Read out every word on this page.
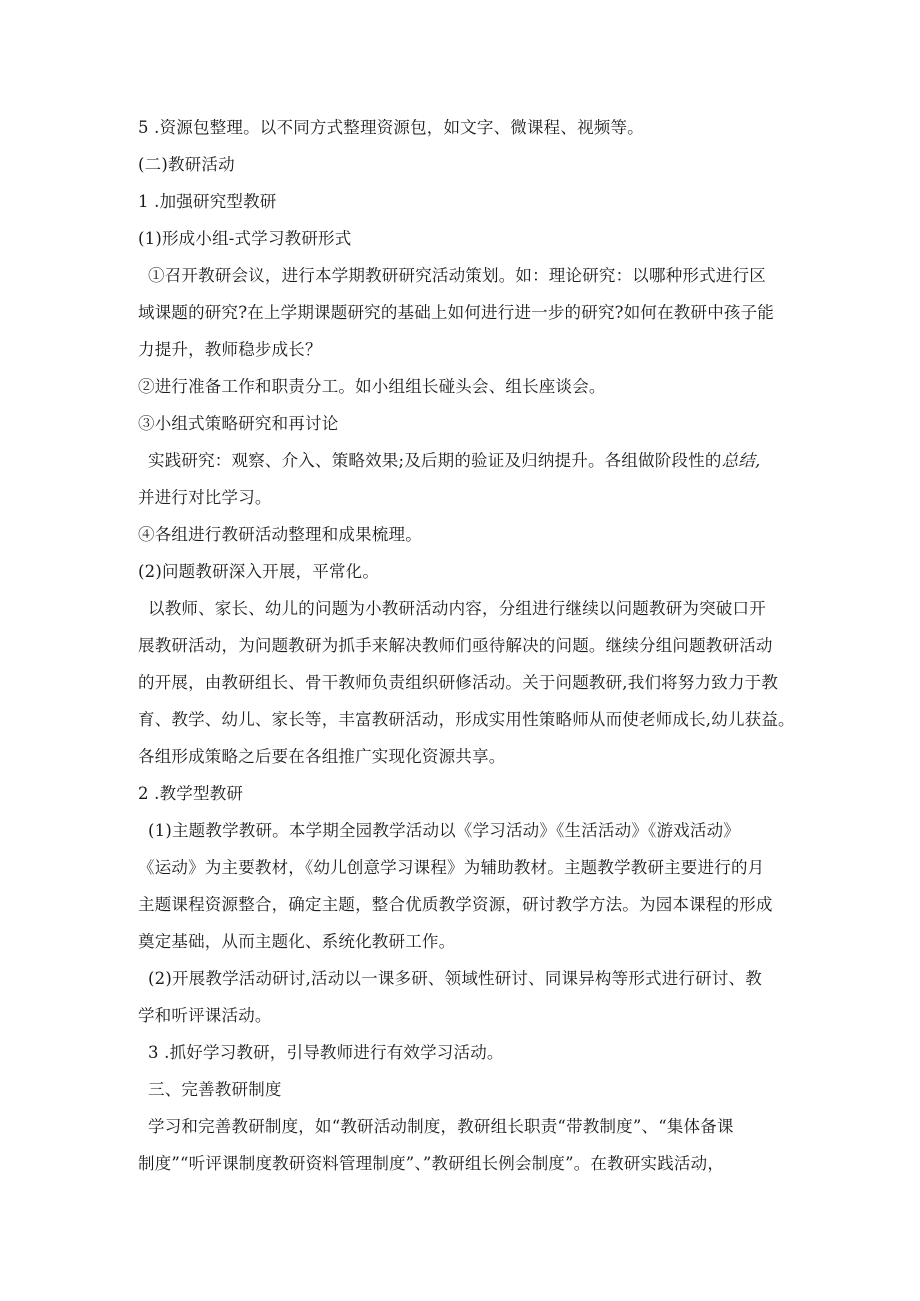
5 .资源包整理。以不同方式整理资源包，如文字、微课程、视频等。
(二)教研活动
1 .加强研究型教研
(1)形成小组-式学习教研形式
①召开教研会议，进行本学期教研研究活动策划。如：理论研究：以哪种形式进行区
域课题的研究?在上学期课题研究的基础上如何进行进一步的研究?如何在教研中孩子能
力提升，教师稳步成长？
②进行准备工作和职责分工。如小组组长碰头会、组长座谈会。
③小组式策略研究和再讨论
实践研究：观察、介入、策略效果;及后期的验证及归纳提升。各组做阶段性的总结,
并进行对比学习。
④各组进行教研活动整理和成果梳理。
(2)问题教研深入开展，平常化。
以教师、家长、幼儿的问题为小教研活动内容，分组进行继续以问题教研为突破口开
展教研活动，为问题教研为抓手来解决教师们亟待解决的问题。继续分组问题教研活动
的开展，由教研组长、骨干教师负责组织研修活动。关于问题教研,我们将努力致力于教
育、教学、幼儿、家长等，丰富教研活动，形成实用性策略师从而使老师成长,幼儿获益。
各组形成策略之后要在各组推广实现化资源共享。
2 .教学型教研
(1)主题教学教研。本学期全园教学活动以《学习活动》《生活活动》《游戏活动》
《运动》为主要教材，《幼儿创意学习课程》为辅助教材。主题教学教研主要进行的月
主题课程资源整合，确定主题，整合优质教学资源，研讨教学方法。为园本课程的形成
奠定基础，从而主题化、系统化教研工作。
(2)开展教学活动研讨,活动以一课多研、领域性研讨、同课异构等形式进行研讨、教
学和听评课活动。
3 .抓好学习教研，引导教师进行有效学习活动。
三、完善教研制度
学习和完善教研制度，如“教研活动制度，教研组长职责“带教制度”、“集体备课
制度”“听评课制度教研资料管理制度”、”教研组长例会制度”。在教研实践活动，
